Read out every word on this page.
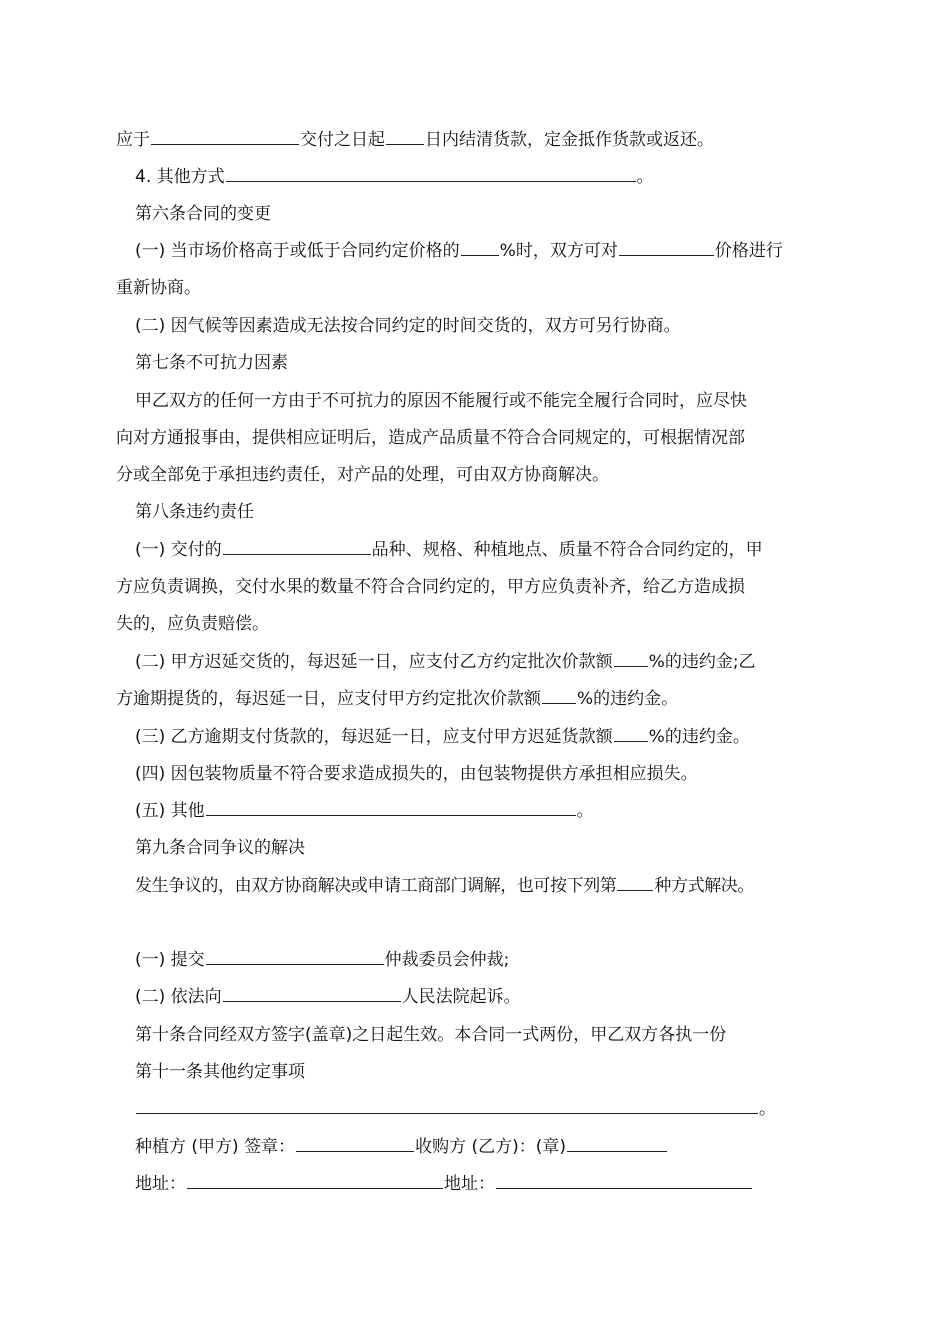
应于	交付之日起 日内结清货款，定金抵作货款或返还。
4. 其他方式	。
第六条合同的变更
(一) 当市场价格高于或低于合同约定价格的 %时，双方可对	价格进行
重新协商。
(二) 因气候等因素造成无法按合同约定的时间交货的，双方可另行协商。
第七条不可抗力因素
甲乙双方的任何一方由于不可抗力的原因不能履行或不能完全履行合同时，应尽快
向对方通报事由，提供相应证明后，造成产品质量不符合合同规定的，可根据情况部
分或全部免于承担违约责任，对产品的处理，可由双方协商解决。
第八条违约责任
(一) 交付的	品种、规格、种植地点、质量不符合合同约定的，甲
方应负责调换，交付水果的数量不符合合同约定的，甲方应负责补齐，给乙方造成损
失的，应负责赔偿。
(二) 甲方迟延交货的，每迟延一日，应支付乙方约定批次价款额 %的违约金;乙
方逾期提货的，每迟延一日，应支付甲方约定批次价款额 %的违约金。
(三) 乙方逾期支付货款的，每迟延一日，应支付甲方迟延货款额 %的违约金。
(四) 因包装物质量不符合要求造成损失的，由包装物提供方承担相应损失。
(五) 其他	。
第九条合同争议的解决
发生争议的，由双方协商解决或申请工商部门调解，也可按下列第 种方式解决。
(一) 提交	仲裁委员会仲裁;
(二) 依法向	人民法院起诉。
第十条合同经双方签字(盖章)之日起生效。本合同一式两份，甲乙双方各执一份
第十一条其他约定事项
。
种植方 (甲方) 签章：	收购方 (乙方)：(章)
地址：	地址：
